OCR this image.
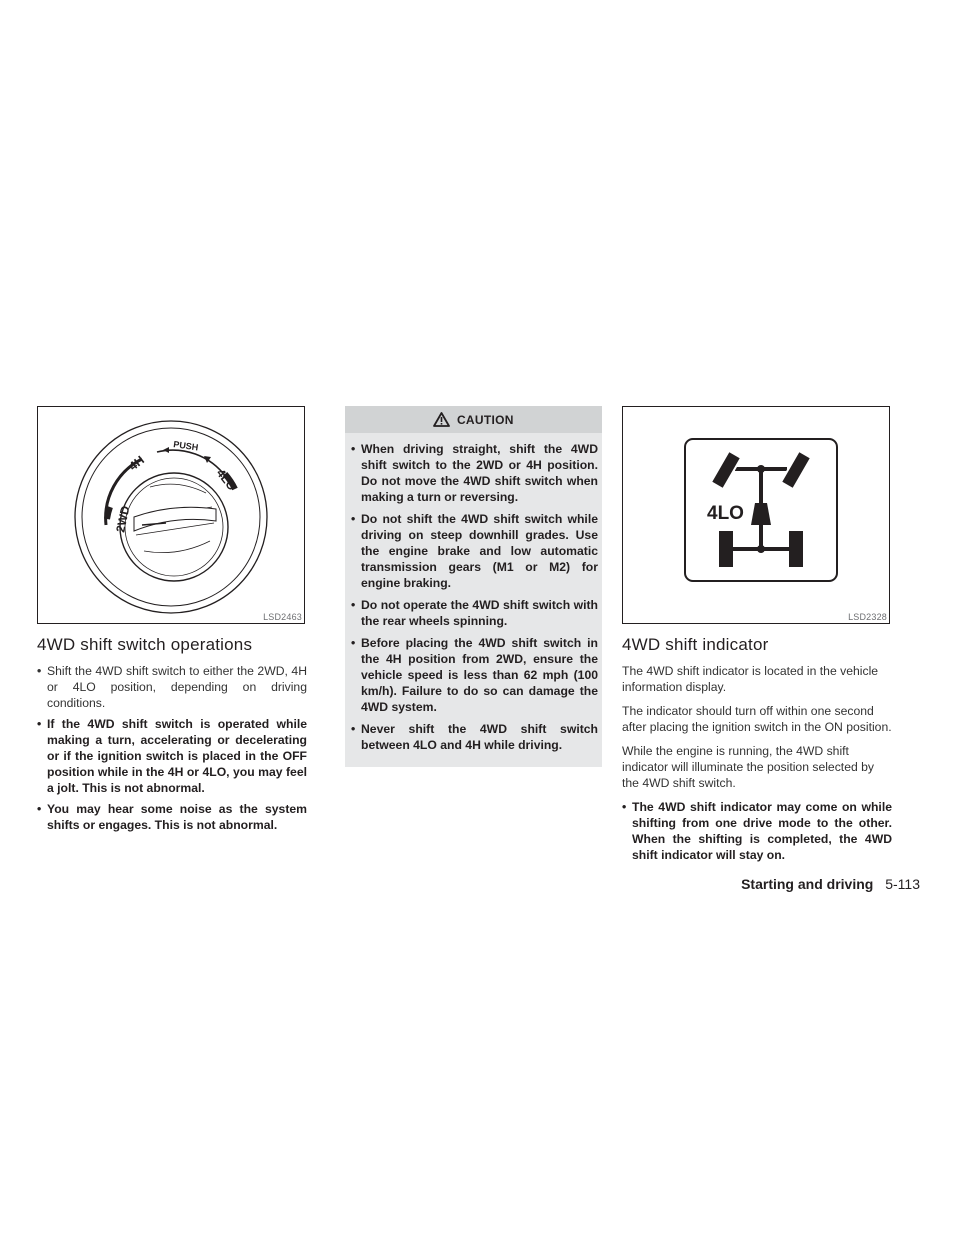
2WD
4H
PUSH
4LO
LSD2463
4WD shift switch operations
• Shift the 4WD shift switch to either the 2WD, 4H or 4LO position, depending on driving conditions.
• If the 4WD shift switch is operated while making a turn, accelerating or decelerating or if the ignition switch is placed in the OFF position while in the 4H or 4LO, you may feel a jolt. This is not abnormal.
• You may hear some noise as the system shifts or engages. This is not abnormal.
CAUTION
• When driving straight, shift the 4WD shift switch to the 2WD or 4H position. Do not move the 4WD shift switch when making a turn or reversing.
• Do not shift the 4WD shift switch while driving on steep downhill grades. Use the engine brake and low automatic transmission gears (M1 or M2) for engine braking.
• Do not operate the 4WD shift switch with the rear wheels spinning.
• Before placing the 4WD shift switch in the 4H position from 2WD, ensure the vehicle speed is less than 62 mph (100 km/h). Failure to do so can damage the 4WD system.
• Never shift the 4WD shift switch between 4LO and 4H while driving.
4LO
LSD2328
4WD shift indicator

The 4WD shift indicator is located in the vehicle information display.

The indicator should turn off within one second after placing the ignition switch in the ON position.

While the engine is running, the 4WD shift indicator will illuminate the position selected by the 4WD shift switch.

• The 4WD shift indicator may come on while shifting from one drive mode to the other. When the shifting is completed, the 4WD shift indicator will stay on.
Starting and driving 5-113
